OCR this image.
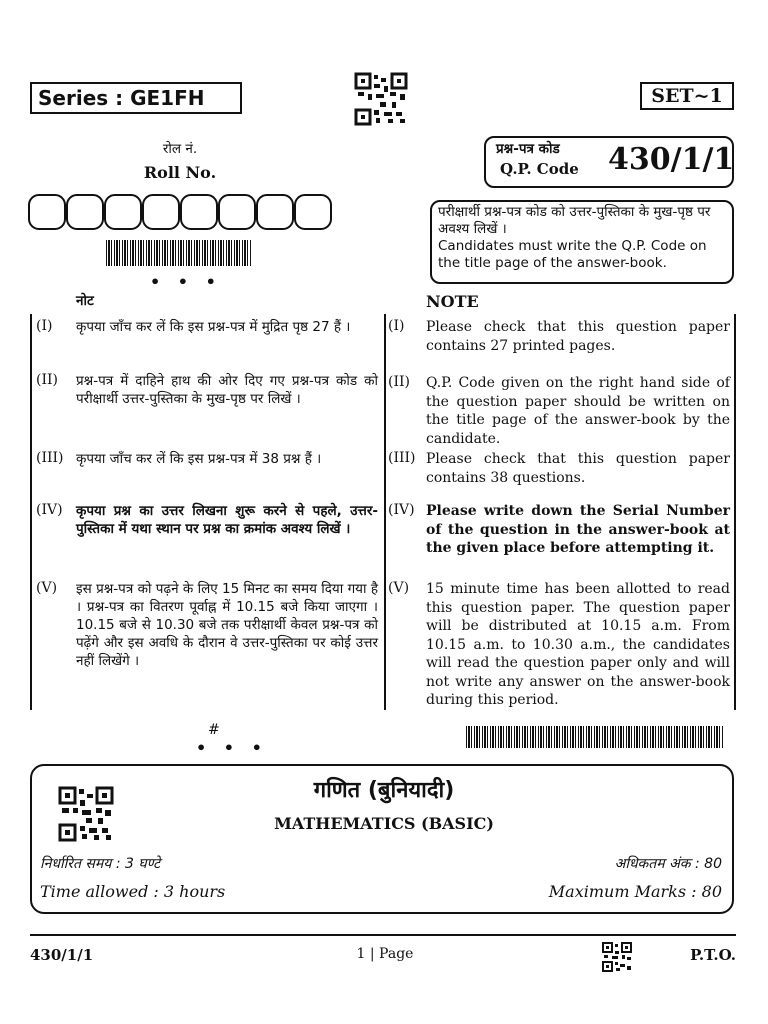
Series : GE1FH	SET~1
रोल नं.
Roll No.
• • •
प्रश्न-पत्र कोड
Q.P. Code 430/1/1
परीक्षार्थी प्रश्न-पत्र कोड को उत्तर-पुस्तिका के मुख-पृष्ठ पर अवश्य लिखें ।
Candidates must write the Q.P. Code on the title page of the answer-book.
नोट	NOTE
(I) कृपया जाँच कर लें कि इस प्रश्न-पत्र में मुद्रित पृष्ठ 27 हैं ।
(II) प्रश्न-पत्र में दाहिने हाथ की ओर दिए गए प्रश्न-पत्र कोड को परीक्षार्थी उत्तर-पुस्तिका के मुख-पृष्ठ पर लिखें ।
(III) कृपया जाँच कर लें कि इस प्रश्न-पत्र में 38 प्रश्न हैं ।
(IV) कृपया प्रश्न का उत्तर लिखना शुरू करने से पहले, उत्तर-पुस्तिका में यथा स्थान पर प्रश्न का क्रमांक अवश्य लिखें ।
(V) इस प्रश्न-पत्र को पढ़ने के लिए 15 मिनट का समय दिया गया है । प्रश्न-पत्र का वितरण पूर्वाह्न में 10.15 बजे किया जाएगा । 10.15 बजे से 10.30 बजे तक परीक्षार्थी केवल प्रश्न-पत्र को पढ़ेंगे और इस अवधि के दौरान वे उत्तर-पुस्तिका पर कोई उत्तर नहीं लिखेंगे ।
(I) Please check that this question paper contains 27 printed pages.
(II) Q.P. Code given on the right hand side of the question paper should be written on the title page of the answer-book by the candidate.
(III) Please check that this question paper contains 38 questions.
(IV) Please write down the Serial Number of the question in the answer-book at the given place before attempting it.
(V) 15 minute time has been allotted to read this question paper. The question paper will be distributed at 10.15 a.m. From 10.15 a.m. to 10.30 a.m., the candidates will read the question paper only and will not write any answer on the answer-book during this period.
#
• • •
गणित (बुनियादी)
MATHEMATICS (BASIC)
निर्धारित समय : 3 घण्टे
Time allowed : 3 hours
अधिकतम अंक : 80
Maximum Marks : 80
430/1/1	1 | Page	P.T.O.
